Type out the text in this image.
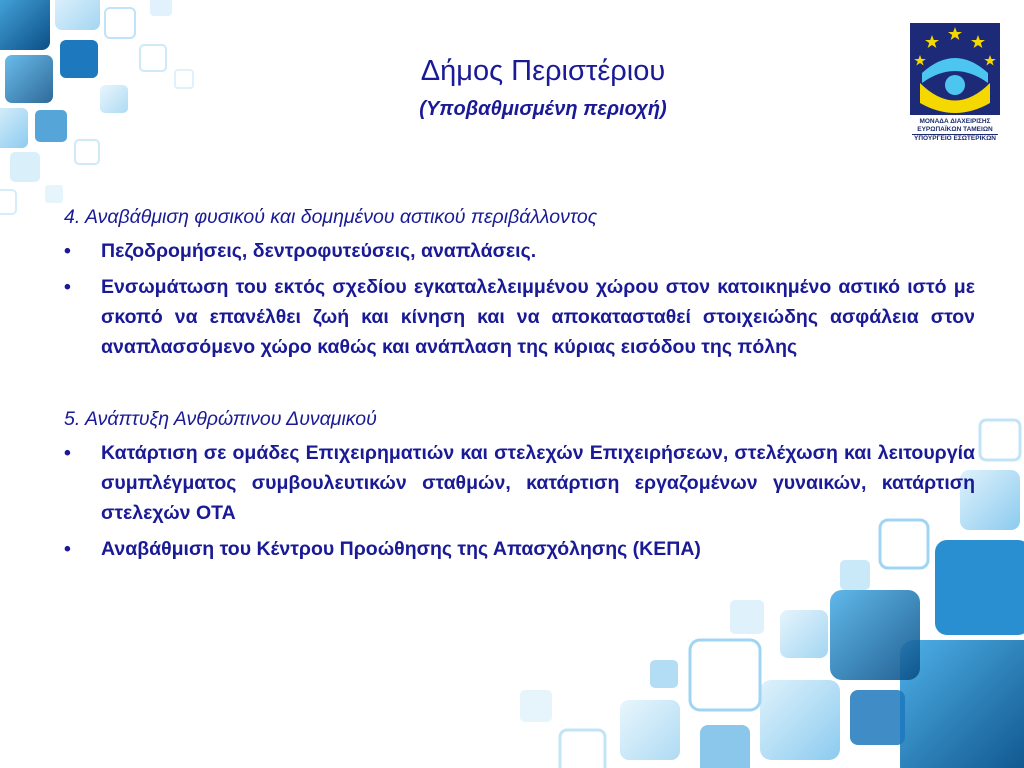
Δήμος Περιστέριου
(Υποβαθμισμένη περιοχή)
ΜΟΝΑΔΑ ΔΙΑΧΕΙΡΙΣΗΣ
ΕΥΡΩΠΑΪΚΩΝ ΤΑΜΕΙΩΝ
ΥΠΟΥΡΓΕΙΟ ΕΣΩΤΕΡΙΚΩΝ
4. Αναβάθμιση φυσικού και δομημένου αστικού περιβάλλοντος
• Πεζοδρομήσεις, δεντροφυτεύσεις, αναπλάσεις.
• Ενσωμάτωση του εκτός σχεδίου εγκαταλελειμμένου χώρου στον κατοικημένο αστικό ιστό με σκοπό να επανέλθει ζωή και κίνηση και να αποκατασταθεί στοιχειώδης ασφάλεια στον αναπλασσόμενο χώρο καθώς και ανάπλαση της κύριας εισόδου της πόλης
5. Ανάπτυξη Ανθρώπινου Δυναμικού
• Κατάρτιση σε ομάδες Επιχειρηματιών και στελεχών Επιχειρήσεων, στελέχωση και λειτουργία συμπλέγματος συμβουλευτικών σταθμών, κατάρτιση εργαζομένων γυναικών, κατάρτιση στελεχών ΟΤΑ
• Αναβάθμιση του Κέντρου Προώθησης της Απασχόλησης (ΚΕΠΑ)
